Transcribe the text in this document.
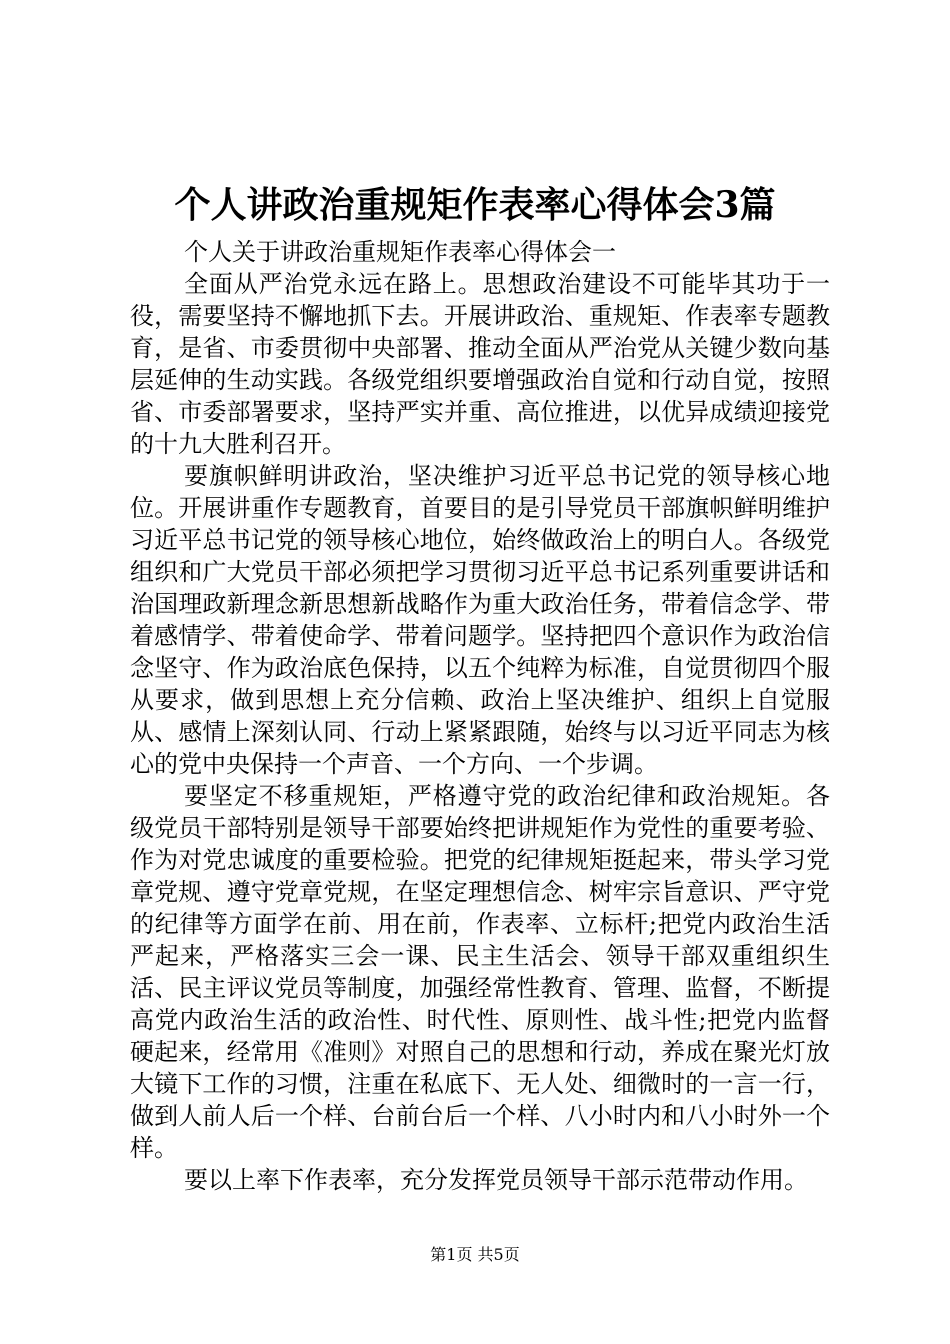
个人讲政治重规矩作表率心得体会3篇

个人关于讲政治重规矩作表率心得体会一

全面从严治党永远在路上。思想政治建设不可能毕其功于一役，需要坚持不懈地抓下去。开展讲政治、重规矩、作表率专题教育，是省、市委贯彻中央部署、推动全面从严治党从关键少数向基层延伸的生动实践。各级党组织要增强政治自觉和行动自觉，按照省、市委部署要求，坚持严实并重、高位推进，以优异成绩迎接党的十九大胜利召开。

要旗帜鲜明讲政治，坚决维护习近平总书记党的领导核心地位。开展讲重作专题教育，首要目的是引导党员干部旗帜鲜明维护习近平总书记党的领导核心地位，始终做政治上的明白人。各级党组织和广大党员干部必须把学习贯彻习近平总书记系列重要讲话和治国理政新理念新思想新战略作为重大政治任务，带着信念学、带着感情学、带着使命学、带着问题学。坚持把四个意识作为政治信念坚守、作为政治底色保持，以五个纯粹为标准，自觉贯彻四个服从要求，做到思想上充分信赖、政治上坚决维护、组织上自觉服从、感情上深刻认同、行动上紧紧跟随，始终与以习近平同志为核心的党中央保持一个声音、一个方向、一个步调。

要坚定不移重规矩，严格遵守党的政治纪律和政治规矩。各级党员干部特别是领导干部要始终把讲规矩作为党性的重要考验、作为对党忠诚度的重要检验。把党的纪律规矩挺起来，带头学习党章党规、遵守党章党规，在坚定理想信念、树牢宗旨意识、严守党的纪律等方面学在前、用在前，作表率、立标杆;把党内政治生活严起来，严格落实三会一课、民主生活会、领导干部双重组织生活、民主评议党员等制度，加强经常性教育、管理、监督，不断提高党内政治生活的政治性、时代性、原则性、战斗性;把党内监督硬起来，经常用《准则》对照自己的思想和行动，养成在聚光灯放大镜下工作的习惯，注重在私底下、无人处、细微时的一言一行，做到人前人后一个样、台前台后一个样、八小时内和八小时外一个样。

要以上率下作表率，充分发挥党员领导干部示范带动作用。

第1页 共5页
